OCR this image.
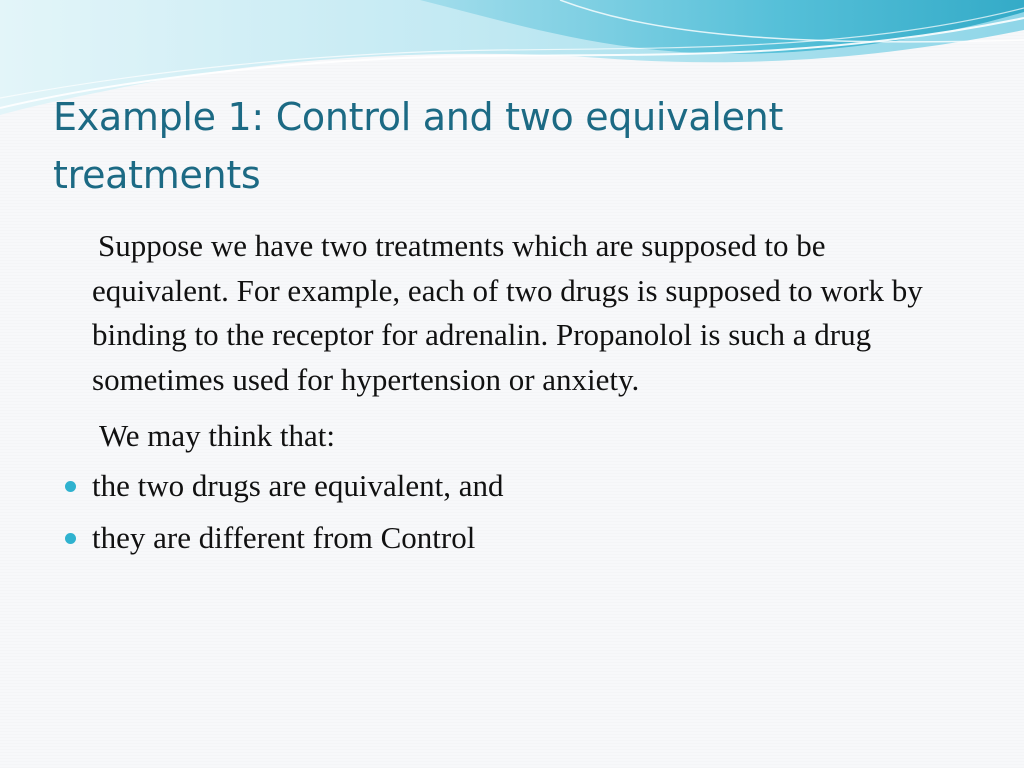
Example 1: Control and two equivalent treatments

Suppose we have two treatments which are supposed to be equivalent. For example, each of two drugs is supposed to work by binding to the receptor for adrenalin. Propanolol is such a drug sometimes used for hypertension or anxiety.

We may think that:

the two drugs are equivalent, and
they are different from Control
